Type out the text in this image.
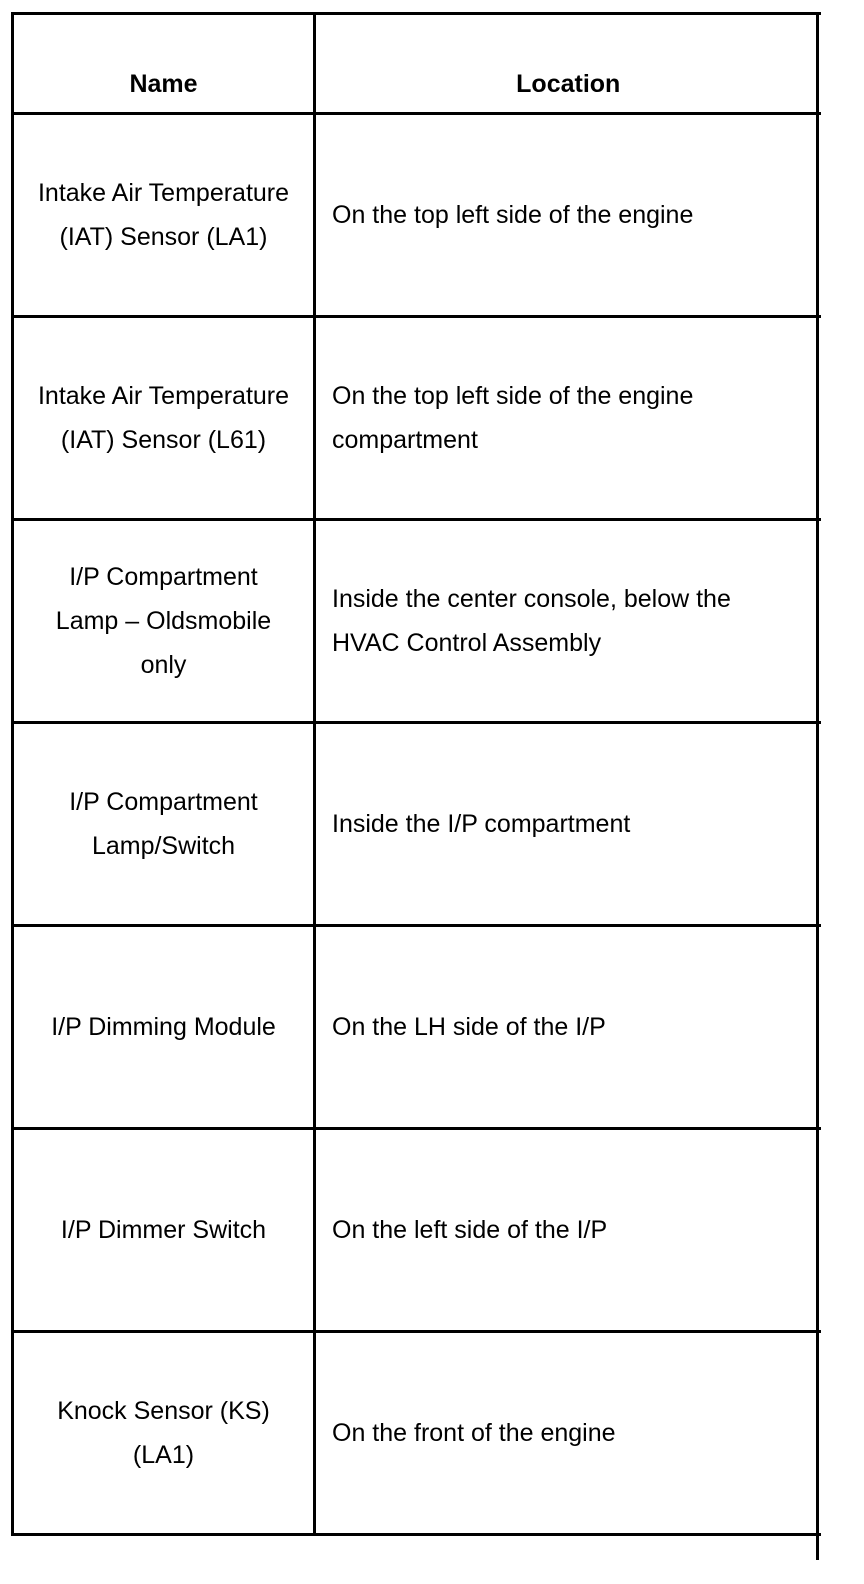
Name	Location
Intake Air Temperature (IAT) Sensor (LA1)	On the top left side of the engine
Intake Air Temperature (IAT) Sensor (L61)	On the top left side of the engine compartment
I/P Compartment Lamp – Oldsmobile only	Inside the center console, below the HVAC Control Assembly
I/P Compartment Lamp/Switch	Inside the I/P compartment
I/P Dimming Module	On the LH side of the I/P
I/P Dimmer Switch	On the left side of the I/P
Knock Sensor (KS) (LA1)	On the front of the engine
